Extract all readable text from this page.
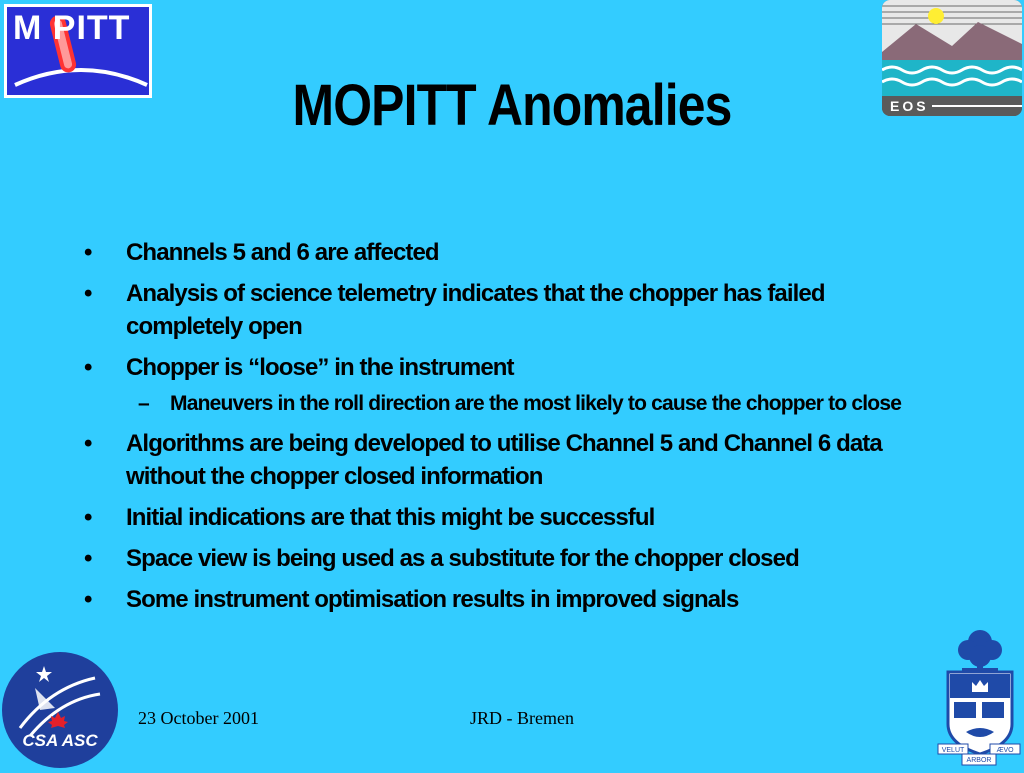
M PITT
EOS
MOPITT Anomalies
• Channels 5 and 6 are affected
• Analysis of science telemetry indicates that the chopper has failed completely open
• Chopper is “loose” in the instrument
– Maneuvers in the roll direction are the most likely to cause the chopper to close
• Algorithms are being developed to utilise Channel 5 and Channel 6 data without the chopper closed information
• Initial indications are that this might be successful
• Space view is being used as a substitute for the chopper closed
• Some instrument optimisation results in improved signals
CSA ASC
23 October 2001	JRD - Bremen
VELUT	ÆVO
ARBOR
